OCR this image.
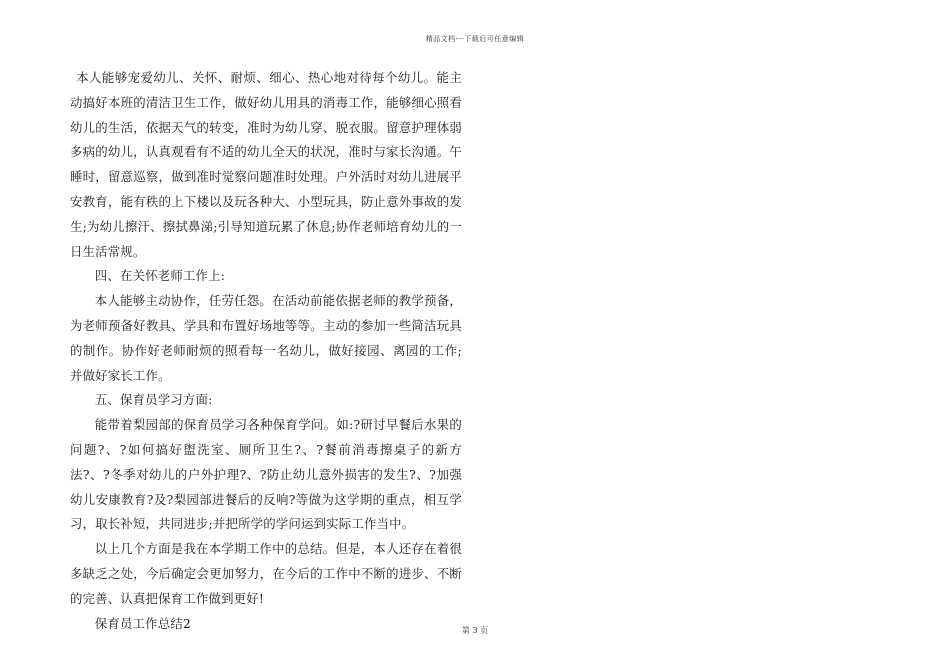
精品文档---下载后可任意编辑

本人能够宠爱幼儿、关怀、耐烦、细心、热心地对待每个幼儿。能主动搞好本班的清洁卫生工作，做好幼儿用具的消毒工作，能够细心照看幼儿的生活，依据天气的转变，准时为幼儿穿、脱衣服。留意护理体弱多病的幼儿，认真观看有不适的幼儿全天的状况，准时与家长沟通。午睡时，留意巡察，做到准时觉察问题准时处理。户外活时对幼儿进展平安教育，能有秩的上下楼以及玩各种大、小型玩具，防止意外事故的发生;为幼儿擦汗、擦拭鼻涕;引导知道玩累了休息;协作老师培育幼儿的一日生活常规。

四、在关怀老师工作上:

本人能够主动协作，任劳任怨。在活动前能依据老师的教学预备，为老师预备好教具、学具和布置好场地等等。主动的参加一些简洁玩具的制作。协作好老师耐烦的照看每一名幼儿，做好接园、离园的工作;并做好家长工作。

五、保育员学习方面:

能带着梨园部的保育员学习各种保育学问。如:?研讨早餐后水果的问题?、?如何搞好盥洗室、厕所卫生?、?餐前消毒擦桌子的新方法?、?冬季对幼儿的户外护理?、?防止幼儿意外损害的发生?、?加强幼儿安康教育?及?梨园部进餐后的反响?等做为这学期的重点，相互学习，取长补短，共同进步;并把所学的学问运到实际工作当中。

以上几个方面是我在本学期工作中的总结。但是，本人还存在着很多缺乏之处，今后确定会更加努力，在今后的工作中不断的进步、不断的完善、认真把保育工作做到更好!

保育员工作总结2	第 3 页
